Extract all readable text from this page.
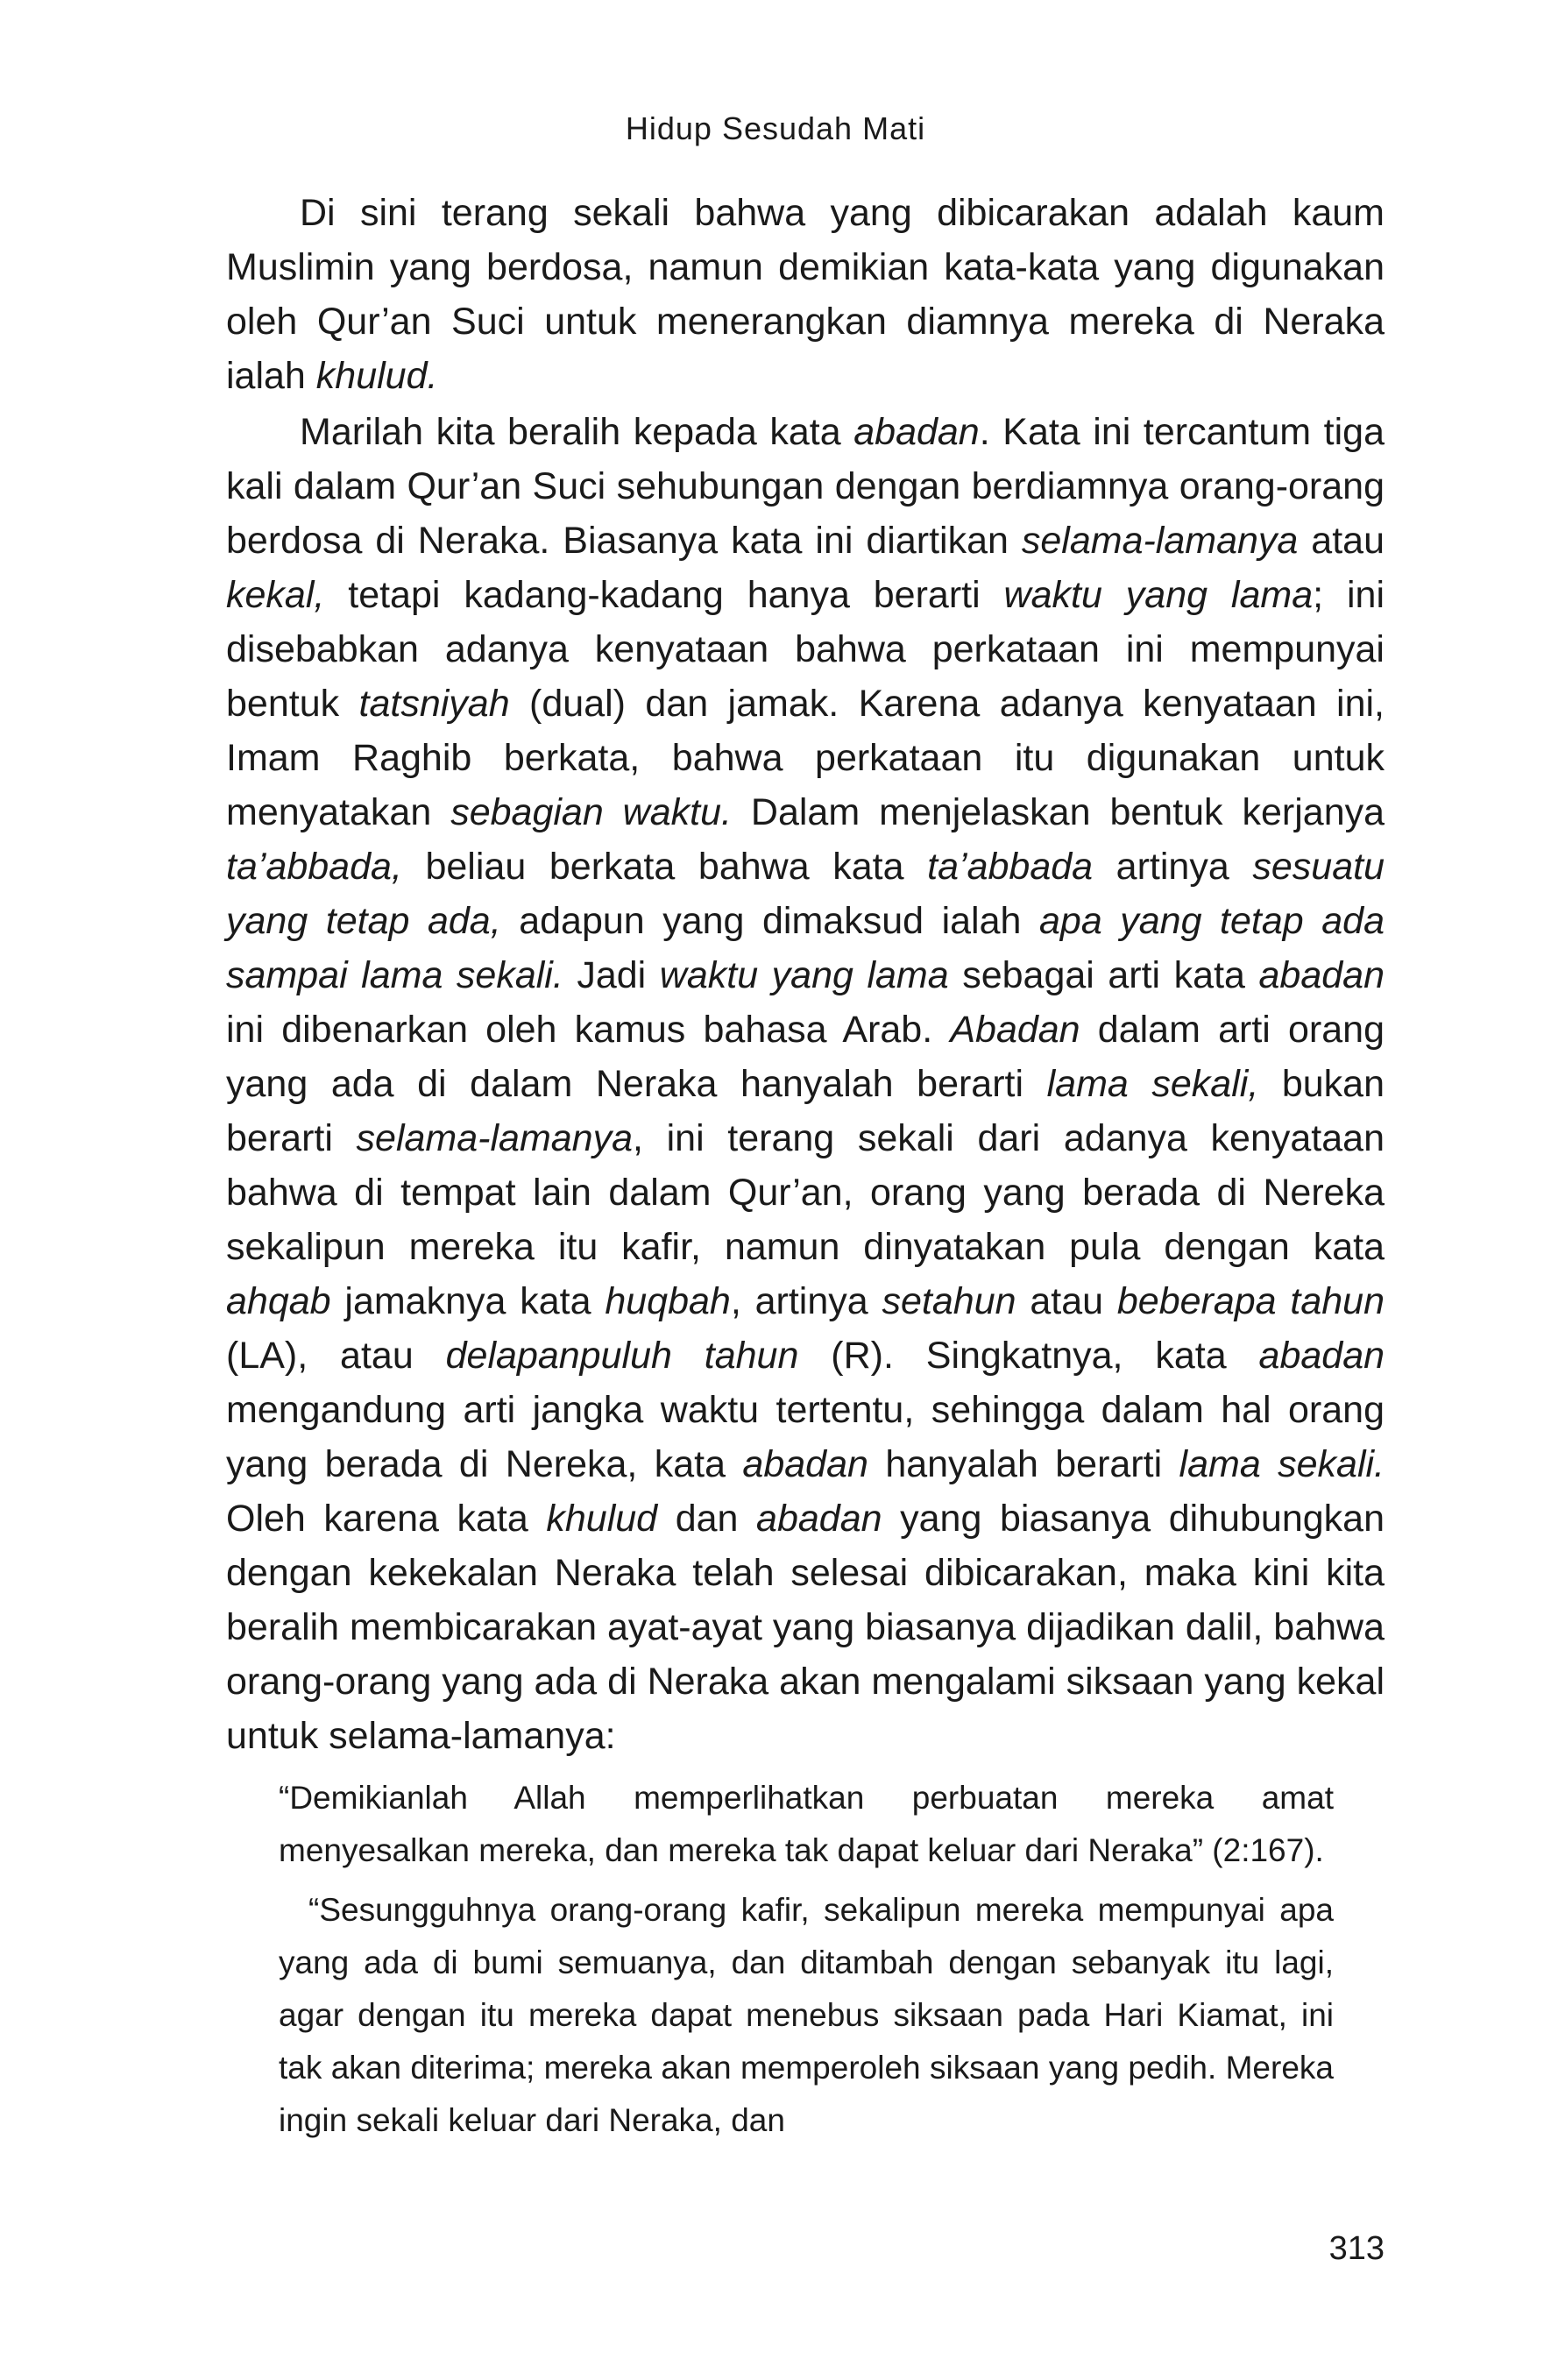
Hidup Sesudah Mati

Di sini terang sekali bahwa yang dibicarakan adalah kaum Muslimin yang berdosa, namun demikian kata-kata yang digunakan oleh Qur’an Suci untuk menerangkan diamnya mereka di Neraka ialah khulud.

Marilah kita beralih kepada kata abadan. Kata ini tercantum tiga kali dalam Qur’an Suci sehubungan dengan berdiamnya orang-orang berdosa di Neraka. Biasanya kata ini diartikan selama-lamanya atau kekal, tetapi kadang-kadang hanya berarti waktu yang lama; ini disebabkan adanya kenyataan bahwa perkataan ini mempunyai bentuk tatsniyah (dual) dan jamak. Karena adanya kenyataan ini, Imam Raghib berkata, bahwa perkataan itu digunakan untuk menyatakan sebagian waktu. Dalam menjelaskan bentuk kerjanya ta’abbada, beliau berkata bahwa kata ta’abbada artinya sesuatu yang tetap ada, adapun yang dimaksud ialah apa yang tetap ada sampai lama sekali. Jadi waktu yang lama sebagai arti kata abadan ini dibenarkan oleh kamus bahasa Arab. Abadan dalam arti orang yang ada di dalam Neraka hanyalah berarti lama sekali, bukan berarti selama-lamanya, ini terang sekali dari adanya kenyataan bahwa di tempat lain dalam Qur’an, orang yang berada di Nereka sekalipun mereka itu kafir, namun dinyatakan pula dengan kata ahqab jamaknya kata huqbah, artinya setahun atau beberapa tahun (LA), atau delapanpuluh tahun (R). Singkatnya, kata abadan mengandung arti jangka waktu tertentu, sehingga dalam hal orang yang berada di Nereka, kata abadan hanyalah berarti lama sekali. Oleh karena kata khulud dan abadan yang biasanya dihubungkan dengan kekekalan Neraka telah selesai dibicarakan, maka kini kita beralih membicarakan ayat-ayat yang biasanya dijadikan dalil, bahwa orang-orang yang ada di Neraka akan mengalami siksaan yang kekal untuk selama-lamanya:

“Demikianlah Allah memperlihatkan perbuatan mereka amat menyesalkan mereka, dan mereka tak dapat keluar dari Neraka” (2:167).

“Sesungguhnya orang-orang kafir, sekalipun mereka mempunyai apa yang ada di bumi semuanya, dan ditambah dengan sebanyak itu lagi, agar dengan itu mereka dapat menebus siksaan pada Hari Kiamat, ini tak akan diterima; mereka akan memperoleh siksaan yang pedih. Mereka ingin sekali keluar dari Neraka, dan

313
